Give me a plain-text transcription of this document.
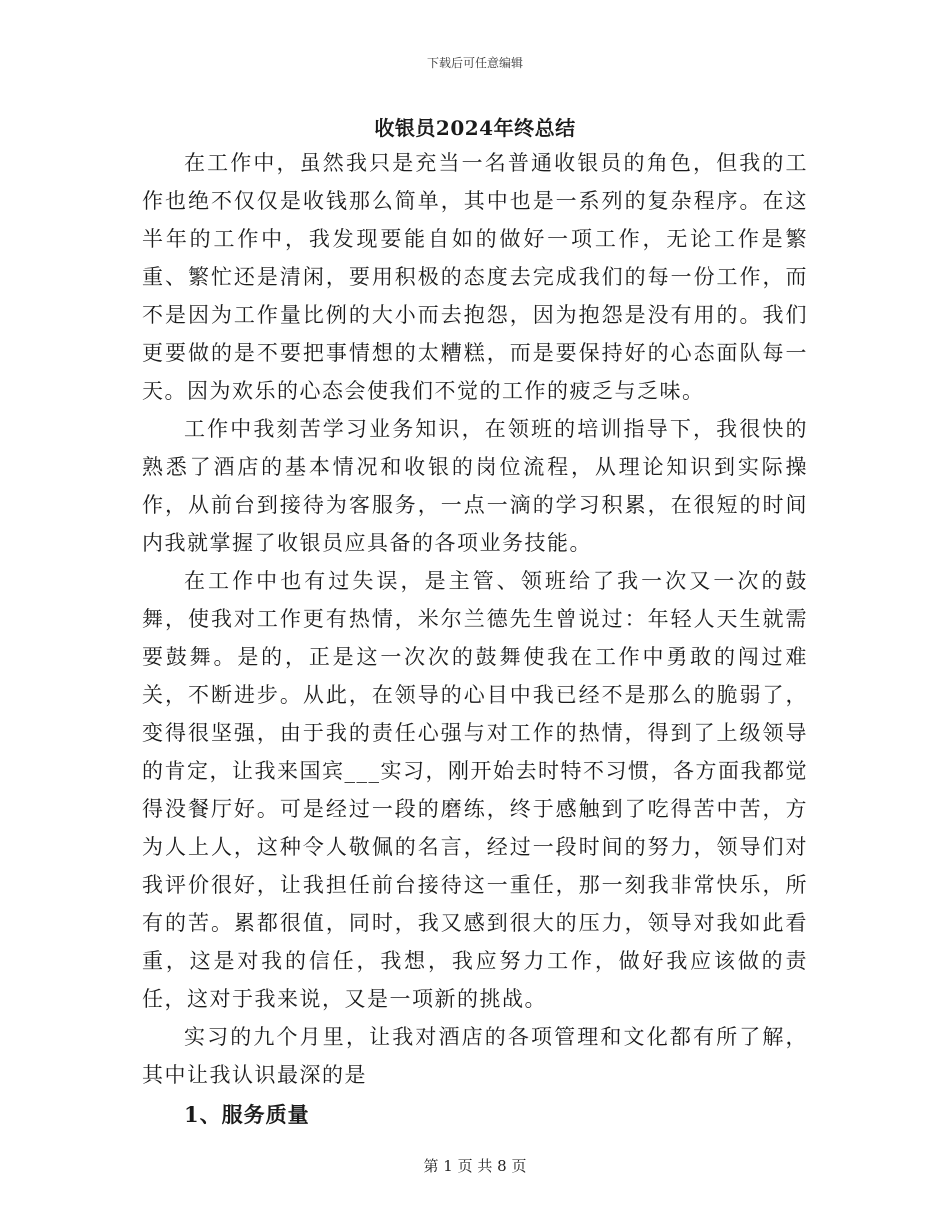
下载后可任意编辑
收银员2024年终总结

在工作中，虽然我只是充当一名普通收银员的角色，但我的工作也绝不仅仅是收钱那么简单，其中也是一系列的复杂程序。在这半年的工作中，我发现要能自如的做好一项工作，无论工作是繁重、繁忙还是清闲，要用积极的态度去完成我们的每一份工作，而不是因为工作量比例的大小而去抱怨，因为抱怨是没有用的。我们更要做的是不要把事情想的太糟糕，而是要保持好的心态面队每一天。因为欢乐的心态会使我们不觉的工作的疲乏与乏味。

工作中我刻苦学习业务知识，在领班的培训指导下，我很快的熟悉了酒店的基本情况和收银的岗位流程，从理论知识到实际操作，从前台到接待为客服务，一点一滴的学习积累，在很短的时间内我就掌握了收银员应具备的各项业务技能。

在工作中也有过失误，是主管、领班给了我一次又一次的鼓舞，使我对工作更有热情，米尔兰德先生曾说过：年轻人天生就需要鼓舞。是的，正是这一次次的鼓舞使我在工作中勇敢的闯过难关，不断进步。从此，在领导的心目中我已经不是那么的脆弱了，变得很坚强，由于我的责任心强与对工作的热情，得到了上级领导的肯定，让我来国宾___实习，刚开始去时特不习惯，各方面我都觉得没餐厅好。可是经过一段的磨练，终于感触到了吃得苦中苦，方为人上人，这种令人敬佩的名言，经过一段时间的努力，领导们对我评价很好，让我担任前台接待这一重任，那一刻我非常快乐，所有的苦。累都很值，同时，我又感到很大的压力，领导对我如此看重，这是对我的信任，我想，我应努力工作，做好我应该做的责任，这对于我来说，又是一项新的挑战。

实习的九个月里，让我对酒店的各项管理和文化都有所了解，其中让我认识最深的是

1、服务质量

第 1 页 共 8 页
